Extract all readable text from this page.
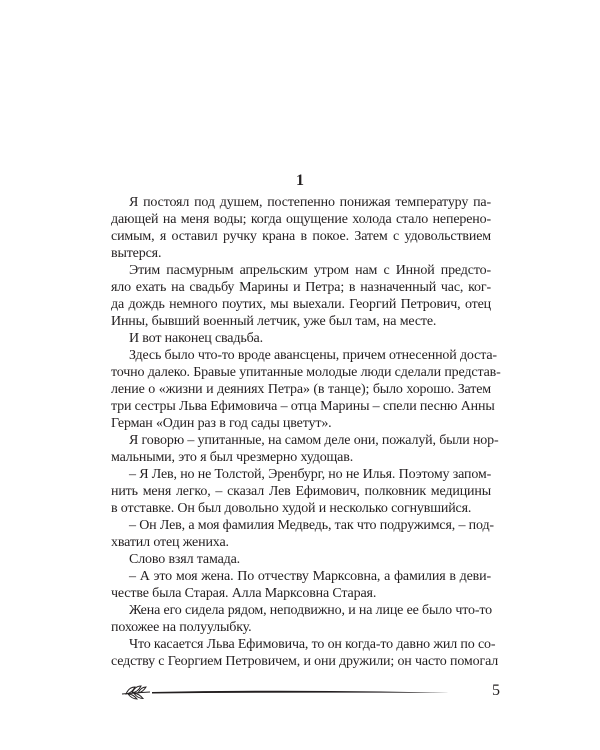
1
Я постоял под душем, постепенно понижая температуру па-
дающей на меня воды; когда ощущение холода стало неперено-
симым, я оставил ручку крана в покое. Затем с удовольствием
вытерся.
Этим пасмурным апрельским утром нам с Инной предсто-
яло ехать на свадьбу Марины и Петра; в назначенный час, ког-
да дождь немного поутих, мы выехали. Георгий Петрович, отец
Инны, бывший военный летчик, уже был там, на месте.
И вот наконец свадьба.
Здесь было что-то вроде авансцены, причем отнесенной доста-
точно далеко. Бравые упитанные молодые люди сделали представ-
ление о «жизни и деяниях Петра» (в танце); было хорошо. Затем
три сестры Льва Ефимовича – отца Марины – спели песню Анны
Герман «Один раз в год сады цветут».
Я говорю – упитанные, на самом деле они, пожалуй, были нор-
мальными, это я был чрезмерно худощав.
– Я Лев, но не Толстой, Эренбург, но не Илья. Поэтому запом-
нить меня легко, – сказал Лев Ефимович, полковник медицины
в отставке. Он был довольно худой и несколько согнувшийся.
– Он Лев, а моя фамилия Медведь, так что подружимся, – под-
хватил отец жениха.
Слово взял тамада.
– А это моя жена. По отчеству Марксовна, а фамилия в деви-
честве была Старая. Алла Марксовна Старая.
Жена его сидела рядом, неподвижно, и на лице ее было что-то
похожее на полуулыбку.
Что касается Льва Ефимовича, то он когда-то давно жил по со-
седству с Георгием Петровичем, и они дружили; он часто помогал
5
